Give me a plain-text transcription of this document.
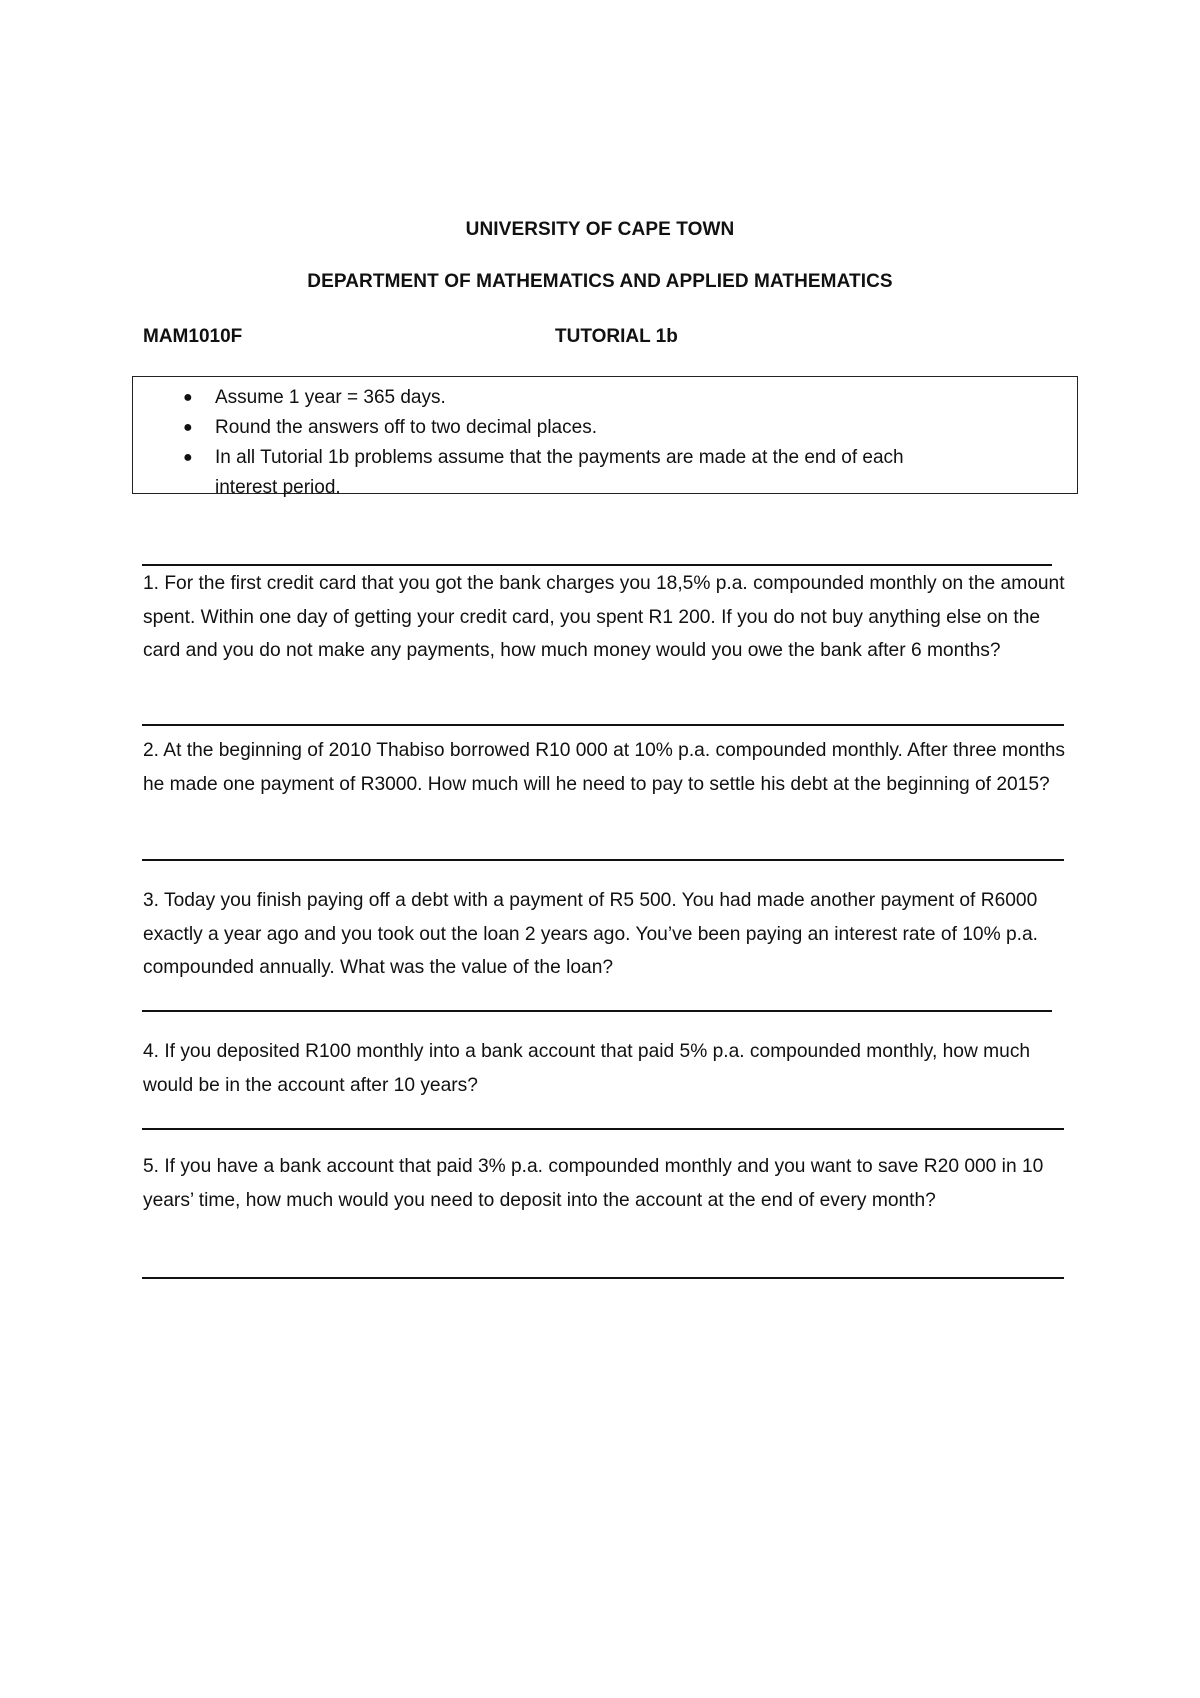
UNIVERSITY OF CAPE TOWN
DEPARTMENT OF MATHEMATICS AND APPLIED MATHEMATICS
MAM1010F	TUTORIAL 1b
● Assume 1 year = 365 days.
● Round the answers off to two decimal places.
● In all Tutorial 1b problems assume that the payments are made at the end of each interest period.
1. For the first credit card that you got the bank charges you 18,5% p.a. compounded monthly on the amount spent. Within one day of getting your credit card, you spent R1 200. If you do not buy anything else on the card and you do not make any payments, how much money would you owe the bank after 6 months?
2. At the beginning of 2010 Thabiso borrowed R10 000 at 10% p.a. compounded monthly. After three months he made one payment of R3000. How much will he need to pay to settle his debt at the beginning of 2015?
3. Today you finish paying off a debt with a payment of R5 500. You had made another payment of R6000 exactly a year ago and you took out the loan 2 years ago. You’ve been paying an interest rate of 10% p.a. compounded annually. What was the value of the loan?
4. If you deposited R100 monthly into a bank account that paid 5% p.a. compounded monthly, how much would be in the account after 10 years?
5. If you have a bank account that paid 3% p.a. compounded monthly and you want to save R20 000 in 10 years’ time, how much would you need to deposit into the account at the end of every month?
